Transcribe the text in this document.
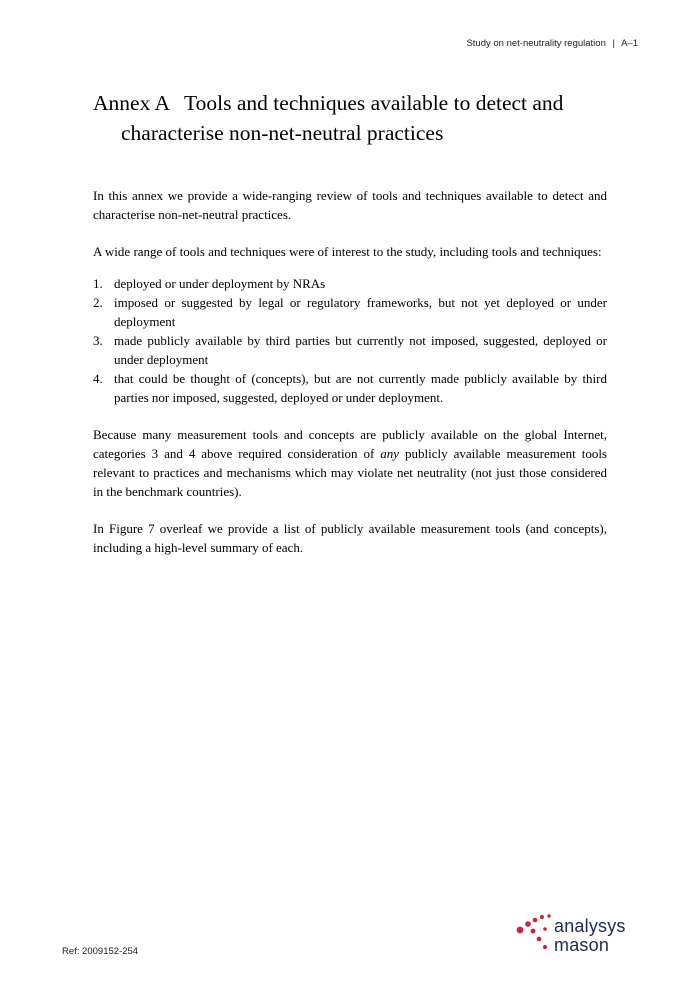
Study on net-neutrality regulation | A–1
Annex A Tools and techniques available to detect and
characterise non-net-neutral practices

In this annex we provide a wide-ranging review of tools and techniques available to detect and characterise non-net-neutral practices.

A wide range of tools and techniques were of interest to the study, including tools and techniques:

1. deployed or under deployment by NRAs
2. imposed or suggested by legal or regulatory frameworks, but not yet deployed or under deployment
3. made publicly available by third parties but currently not imposed, suggested, deployed or under deployment
4. that could be thought of (concepts), but are not currently made publicly available by third parties nor imposed, suggested, deployed or under deployment.

Because many measurement tools and concepts are publicly available on the global Internet, categories 3 and 4 above required consideration of any publicly available measurement tools relevant to practices and mechanisms which may violate net neutrality (not just those considered in the benchmark countries).

In Figure 7 overleaf we provide a list of publicly available measurement tools (and concepts), including a high-level summary of each.

Ref: 2009152-254
analysys
mason
